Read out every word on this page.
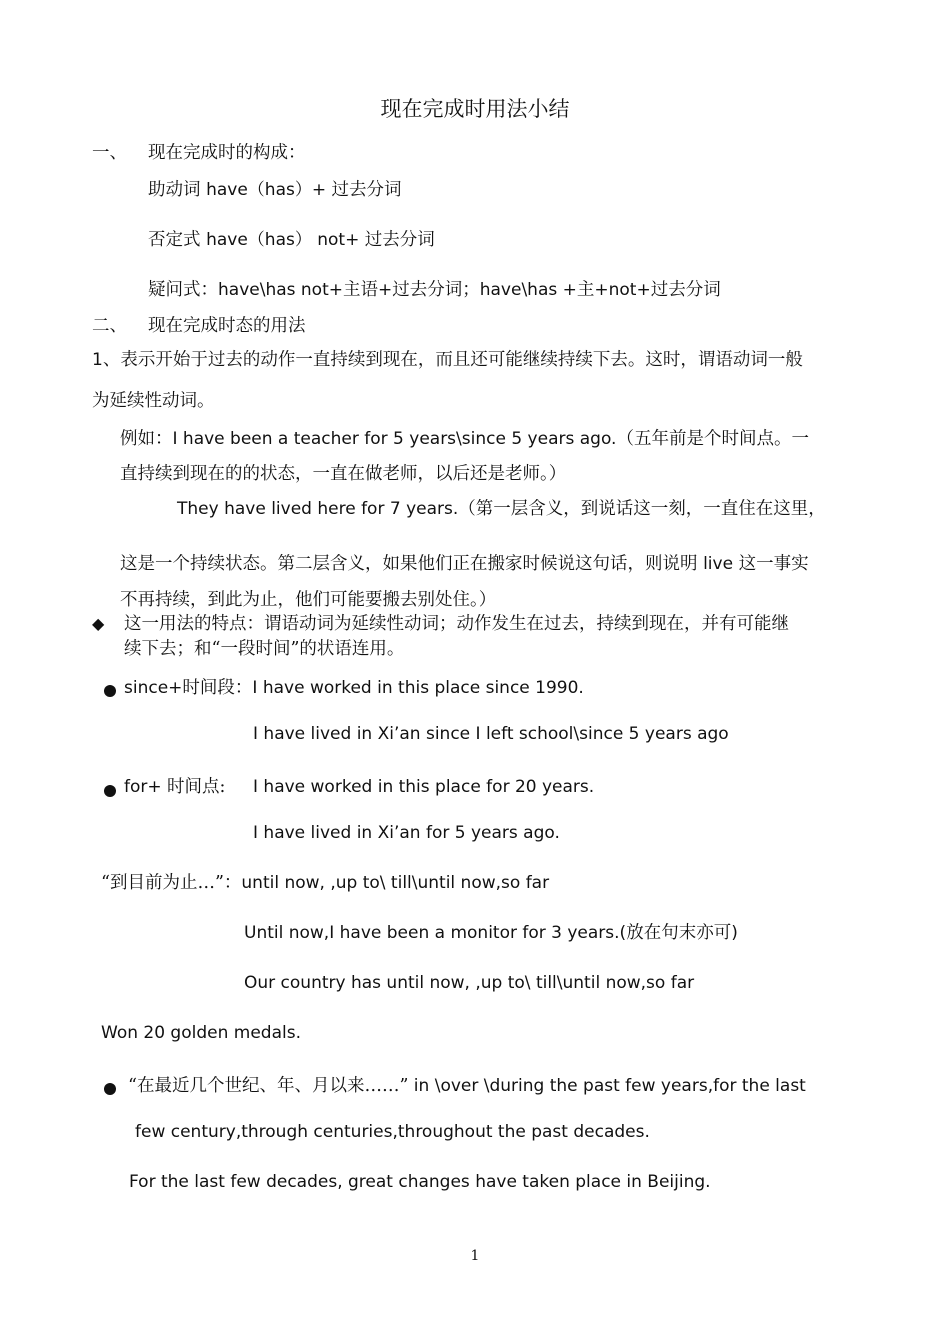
现在完成时用法小结
一、 现在完成时的构成：
助动词 have（has）+ 过去分词
否定式 have（has） not+ 过去分词
疑问式：have\has not+主语+过去分词；have\has +主+not+过去分词
二、 现在完成时态的用法
1、表示开始于过去的动作一直持续到现在，而且还可能继续持续下去。这时，谓语动词一般
为延续性动词。
例如：I have been a teacher for 5 years\since 5 years ago.（五年前是个时间点。一
直持续到现在的的状态，一直在做老师，以后还是老师。）
They have lived here for 7 years.（第一层含义，到说话这一刻，一直住在这里，
这是一个持续状态。第二层含义，如果他们正在搬家时候说这句话，则说明 live 这一事实
不再持续，到此为止，他们可能要搬去别处住。）
◆ 这一用法的特点：谓语动词为延续性动词；动作发生在过去，持续到现在，并有可能继
续下去；和“一段时间”的状语连用。
since+时间段：I have worked in this place since 1990.
I have lived in Xi’an since I left school\since 5 years ago
for+ 时间点: I have worked in this place for 20 years.
I have lived in Xi’an for 5 years ago.
“到目前为止…”：until now, ,up to\ till\until now,so far
Until now,I have been a monitor for 3 years.(放在句末亦可)
Our country has until now, ,up to\ till\until now,so far
Won 20 golden medals.
“在最近几个世纪、年、月以来……” in \over \during the past few years,for the last
few century,through centuries,throughout the past decades.
For the last few decades, great changes have taken place in Beijing.
1
